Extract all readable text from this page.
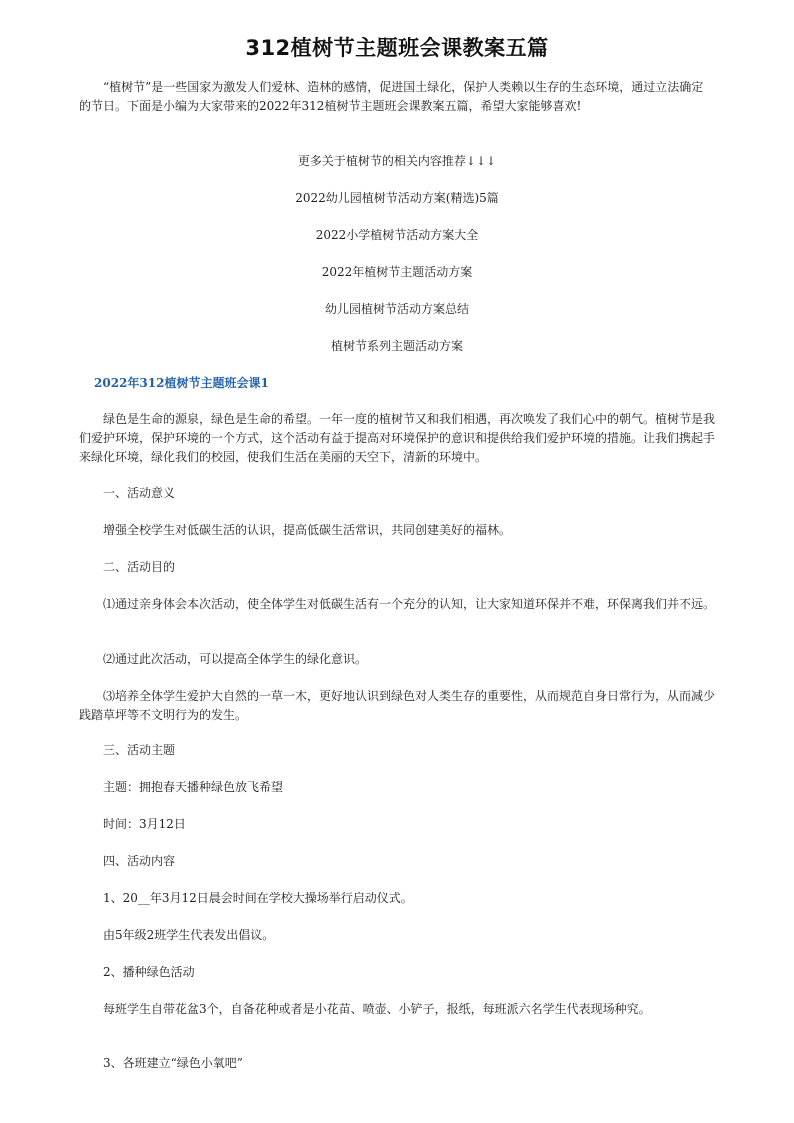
312植树节主题班会课教案五篇

“植树节”是一些国家为激发人们爱林、造林的感情，促进国土绿化，保护人类赖以生存的生态环境，通过立法确定的节日。下面是小编为大家带来的2022年312植树节主题班会课教案五篇，希望大家能够喜欢!

更多关于植树节的相关内容推荐↓↓↓

2022幼儿园植树节活动方案(精选)5篇

2022小学植树节活动方案大全

2022年植树节主题活动方案

幼儿园植树节活动方案总结

植树节系列主题活动方案

2022年312植树节主题班会课1

绿色是生命的源泉，绿色是生命的希望。一年一度的植树节又和我们相遇，再次唤发了我们心中的朝气。植树节是我们爱护环境，保护环境的一个方式，这个活动有益于提高对环境保护的意识和提供给我们爱护环境的措施。让我们携起手来绿化环境，绿化我们的校园，使我们生活在美丽的天空下，清新的环境中。

一、活动意义

增强全校学生对低碳生活的认识，提高低碳生活常识，共同创建美好的福林。

二、活动目的

⑴通过亲身体会本次活动，使全体学生对低碳生活有一个充分的认知，让大家知道环保并不难，环保离我们并不远。

⑵通过此次活动，可以提高全体学生的绿化意识。

⑶培养全体学生爱护大自然的一草一木，更好地认识到绿色对人类生存的重要性，从而规范自身日常行为，从而减少践踏草坪等不文明行为的发生。

三、活动主题

主题：拥抱春天播种绿色放飞希望

时间：3月12日

四、活动内容

1、20__年3月12日晨会时间在学校大操场举行启动仪式。

由5年级2班学生代表发出倡议。

2、播种绿色活动

每班学生自带花盆3个，自备花种或者是小花苗、喷壶、小铲子，报纸，每班派六名学生代表现场种究。

3、各班建立“绿色小氧吧”
